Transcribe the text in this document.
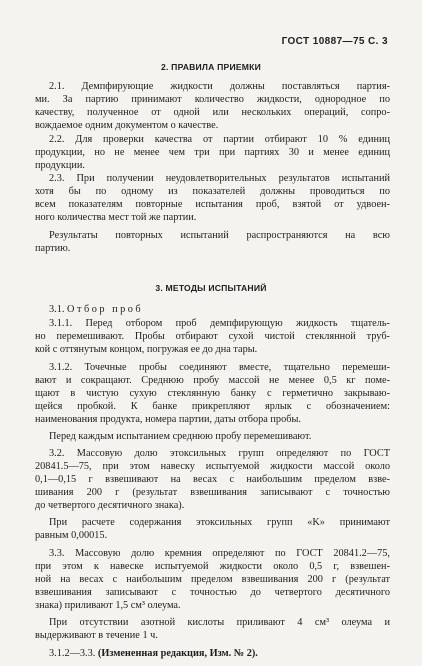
ГОСТ 10887—75 С. 3
2. ПРАВИЛА ПРИЕМКИ
2.1. Демпфирующие жидкости должны поставляться партия-
ми. За партию принимают количество жидкости, однородное по
качеству, полученное от одной или нескольких операций, сопро-
вождаемое одним документом о качестве.
2.2. Для проверки качества от партии отбирают 10 % единиц
продукции, но не менее чем три при партиях 30 и менее единиц
продукции.
2.3. При получении неудовлетворительных результатов испытаний
хотя бы по одному из показателей должны проводиться по
всем показателям повторные испытания проб, взятой от удвоен-
ного количества мест той же партии.
Результаты повторных испытаний распространяются на всю
партию.
3. МЕТОДЫ ИСПЫТАНИЙ
3.1. Отбор проб
3.1.1. Перед отбором проб демпфирующую жидкость тщатель-
но перемешивают. Пробы отбирают сухой чистой стеклянной труб-
кой с оттянутым концом, погружая ее до дна тары.
3.1.2. Точечные пробы соединяют вместе, тщательно перемеши-
вают и сокращают. Среднюю пробу массой не менее 0,5 кг поме-
щают в чистую сухую стеклянную банку с герметично закрываю-
щейся пробкой. К банке прикрепляют ярлык с обозначением:
наименования продукта, номера партии, даты отбора пробы.
Перед каждым испытанием среднюю пробу перемешивают.
3.2. Массовую долю этоксильных групп определяют по ГОСТ
20841.5—75, при этом навеску испытуемой жидкости массой около
0,1—0,15 г взвешивают на весах с наибольшим пределом взве-
шивания 200 г (результат взвешивания записывают с точностью
до четвертого десятичного знака).
При расчете содержания этоксильных групп «K» принимают
равным 0,00015.
3.3. Массовую долю кремния определяют по ГОСТ 20841.2—75,
при этом к навеске испытуемой жидкости около 0,5 г, взвешен-
ной на весах с наибольшим пределом взвешивания 200 г (результат
взвешивания записывают с точностью до четвертого десятичного
знака) приливают 1,5 см³ олеума.
При отсутствии азотной кислоты приливают 4 см³ олеума и
выдерживают в течение 1 ч.
3.1.2—3.3. (Измененная редакция, Изм. № 2).
